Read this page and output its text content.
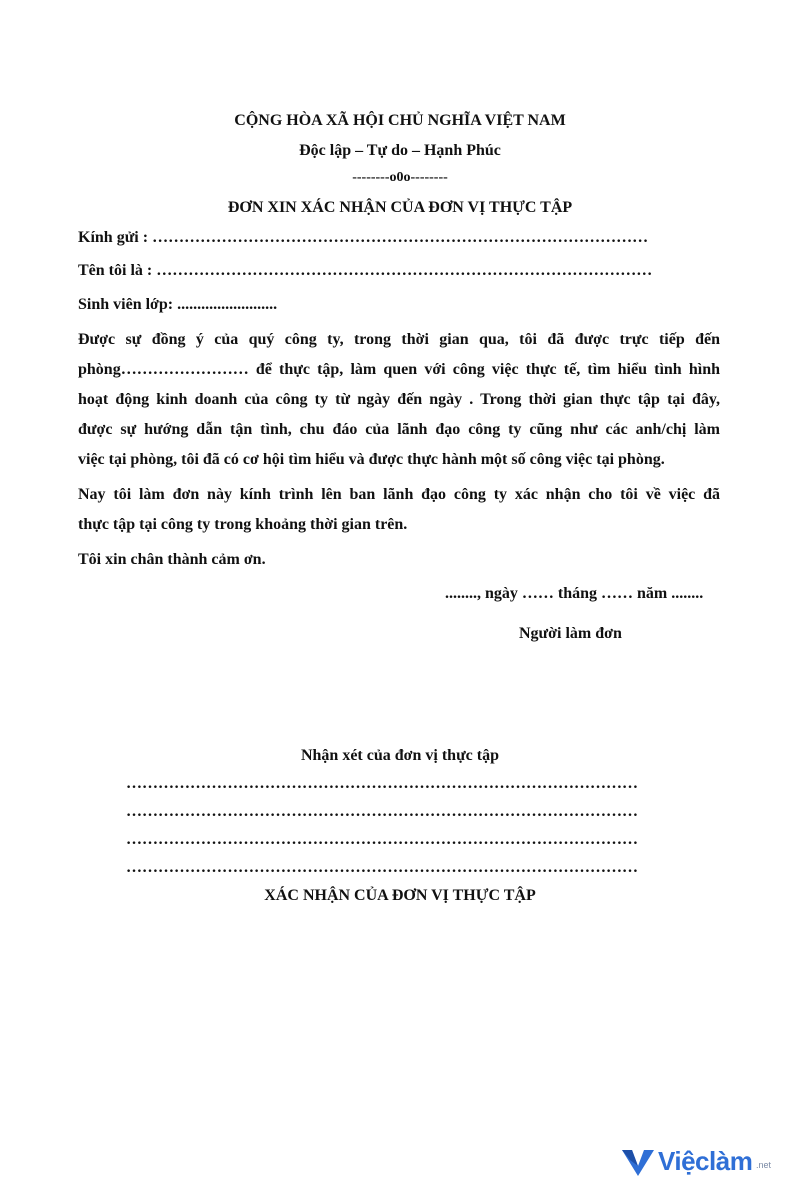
CỘNG HÒA XÃ HỘI CHỦ NGHĨA VIỆT NAM
Độc lập – Tự do – Hạnh Phúc
--------o0o--------
ĐƠN XIN XÁC NHẬN CỦA ĐƠN VỊ THỰC TẬP
Kính gửi : …………………………………………………………………………………
Tên tôi là : …………………………………………………………………………………
Sinh viên lớp: .........................
Được sự đồng ý của quý công ty, trong thời gian qua, tôi đã được trực tiếp đến
phòng…………………… để thực tập, làm quen với công việc thực tế, tìm hiểu tình hình
hoạt động kinh doanh của công ty từ ngày đến ngày . Trong thời gian thực tập tại đây,
được sự hướng dẫn tận tình, chu đáo của lãnh đạo công ty cũng như các anh/chị làm
việc tại phòng, tôi đã có cơ hội tìm hiểu và được thực hành một số công việc tại phòng.
Nay tôi làm đơn này kính trình lên ban lãnh đạo công ty xác nhận cho tôi về việc đã
thực tập tại công ty trong khoảng thời gian trên.
Tôi xin chân thành cảm ơn.
........, ngày …… tháng …… năm ........
Người làm đơn
Nhận xét của đơn vị thực tập
……………………………………………………………………………………
……………………………………………………………………………………
……………………………………………………………………………………
……………………………………………………………………………………
XÁC NHẬN CỦA ĐƠN VỊ THỰC TẬP
Việclàm .net
